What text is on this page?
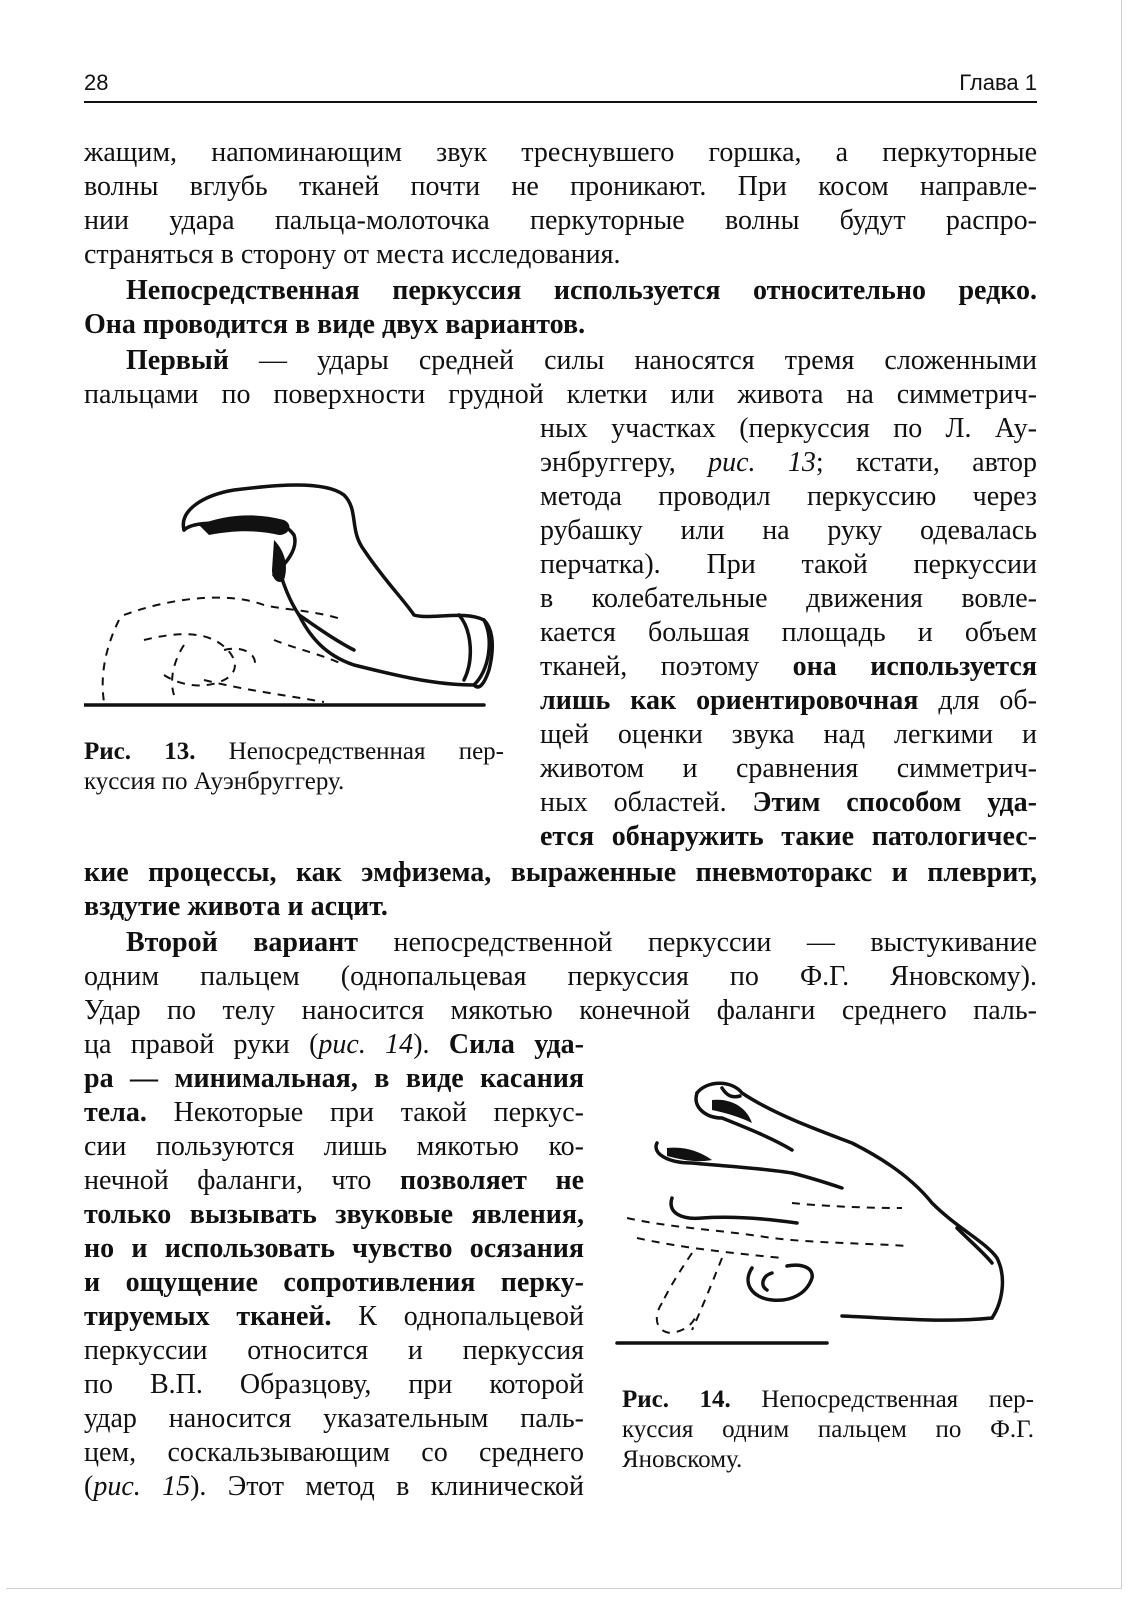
28	Глава 1
жащим, напоминающим звук треснувшего горшка, а перкуторные
волны вглубь тканей почти не проникают. При косом направле-
нии удара пальца-молоточка перкуторные волны будут распро-
страняться в сторону от места исследования.
Непосредственная перкуссия используется относительно редко.
Она проводится в виде двух вариантов.
Первый — удары средней силы наносятся тремя сложенными
пальцами по поверхности грудной клетки или живота на симметрич-
ных участках (перкуссия по Л. Ау-
энбруггеру, рис. 13; кстати, автор
метода проводил перкуссию через
рубашку или на руку одевалась
перчатка). При такой перкуссии
в колебательные движения вовле-
кается большая площадь и объем
тканей, поэтому она используется
лишь как ориентировочная для об-
щей оценки звука над легкими и
животом и сравнения симметрич-
ных областей. Этим способом уда-
ется обнаружить такие патологичес-
кие процессы, как эмфизема, выраженные пневмоторакс и плеврит,
вздутие живота и асцит.
Рис. 13. Непосредственная пер-
куссия по Ауэнбруггеру.
Второй вариант непосредственной перкуссии — выстукивание
одним пальцем (однопальцевая перкуссия по Ф.Г. Яновскому).
Удар по телу наносится мякотью конечной фаланги среднего паль-
ца правой руки (рис. 14). Сила уда-
ра — минимальная, в виде касания
тела. Некоторые при такой перкус-
сии пользуются лишь мякотью ко-
нечной фаланги, что позволяет не
только вызывать звуковые явления,
но и использовать чувство осязания
и ощущение сопротивления перку-
тируемых тканей. К однопальцевой
перкуссии относится и перкуссия
по В.П. Образцову, при которой
удар наносится указательным паль-
цем, соскальзывающим со среднего
(рис. 15). Этот метод в клинической
Рис. 14. Непосредственная пер-
куссия одним пальцем по Ф.Г.
Яновскому.
